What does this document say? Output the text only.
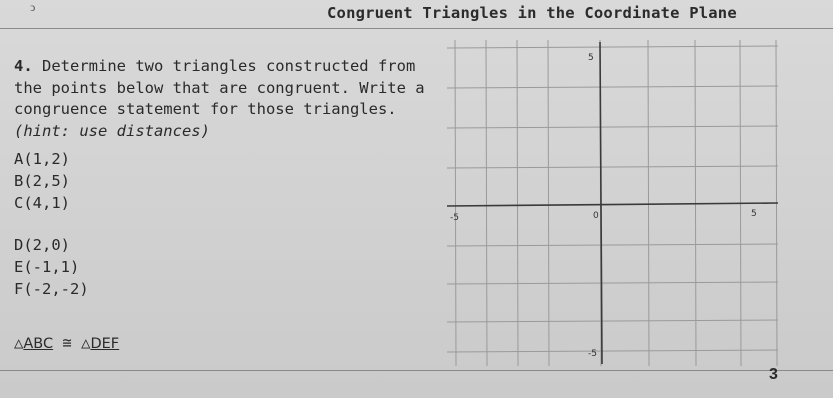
ↄ	Congruent Triangles in the Coordinate Plane
4. Determine two triangles constructed from the points below that are congruent. Write a congruence statement for those triangles. (hint: use distances)
A(1,2)
B(2,5)
C(4,1)
D(2,0)
E(-1,1)
F(-2,-2)
△ABC ≅ △DEF
-5	0	5
5
-5
3
